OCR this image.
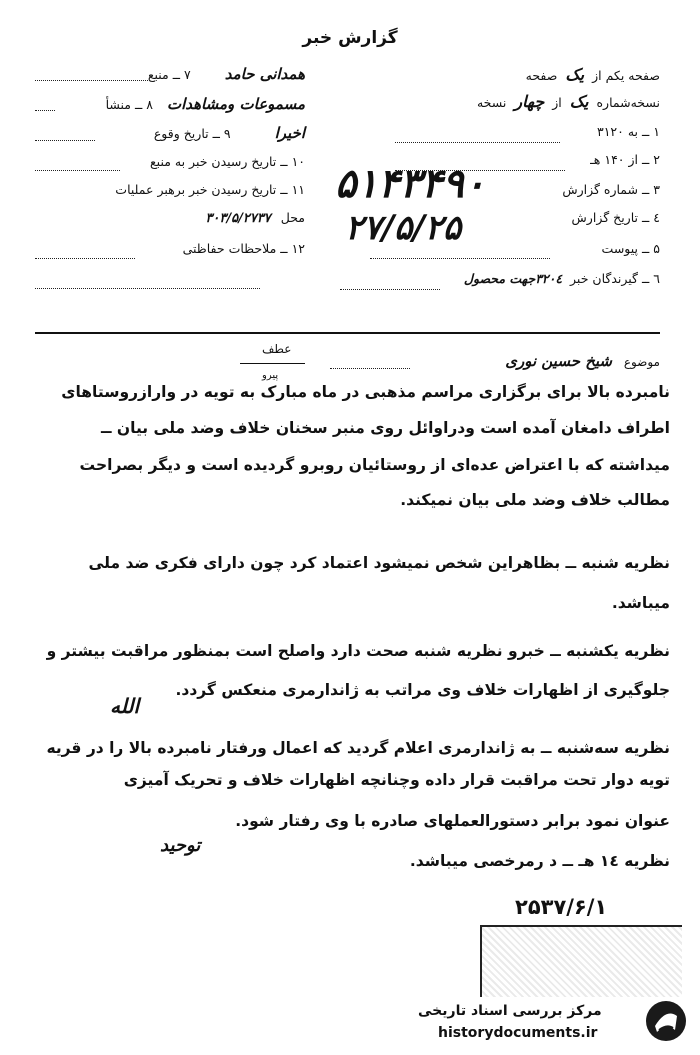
گزارش خبر
صفحه یکم از یک صفحه
نسخه‌شماره یک از چهار نسخه
۱ ــ به ۳۱۲۰
۲ ــ از ۱۴۰ هـ
۳ ــ شماره گزارش
٤ ــ تاریخ گزارش
۵ ــ پیوست
٦ ــ گیرندگان خبر ۳۲۰٤جهت محصول
۵۱۴۳۴۹۰
۲۷/۵/۲۵
همدانی حامد ۷ ــ منبع
مسموعات ومشاهدات ۸ ــ منشأ
اخیرا ۹ ــ تاریخ وقوع
۱۰ ــ تاریخ رسیدن خبر به منبع
۱۱ ــ تاریخ رسیدن خبر برهبر عملیات
محل ۳۰۳/۵/۲۷۳۷
۱۲ ــ ملاحظات حفاظتی
موضوع شیخ حسین نوری
عطف
پیرو
نامبرده بالا برای برگزاری مراسم مذهبی در ماه مبارک به تویه در وارازروستاهای
اطراف دامغان آمده است ودراوائل روی منبر سخنان خلاف وضد ملی بیان ــ
میداشته که با اعتراض عده‌ای از روستائیان روبرو گردیده است و دیگر بصراحت
مطالب خلاف وضد ملی بیان نمیکند.
نظریه شنبه ــ بظاهراین شخص نمیشود اعتماد کرد چون دارای فکری ضد ملی
میباشد.
نظریه یکشنبه ــ خبرو نظریه شنبه صحت دارد واصلح است بمنظور مراقبت بیشتر و
جلوگیری از اظهارات خلاف وی مراتب به ژاندارمری منعکس گردد.
نظریه سه‌شنبه ــ به ژاندارمری اعلام گردید که اعمال ورفتار نامبرده بالا را در قریه
تویه دوار تحت مراقبت قرار داده وچنانچه اظهارات خلاف و تحریک آمیزی
عنوان نمود برابر دستورالعملهای صادره با وی رفتار شود.
نظریه ۱٤ هـ ــ د رمرخصی میباشد.
الله
توحید
۲۵۳۷/۶/۱
مرکز بررسی اسناد تاریخی
historydocuments.ir
